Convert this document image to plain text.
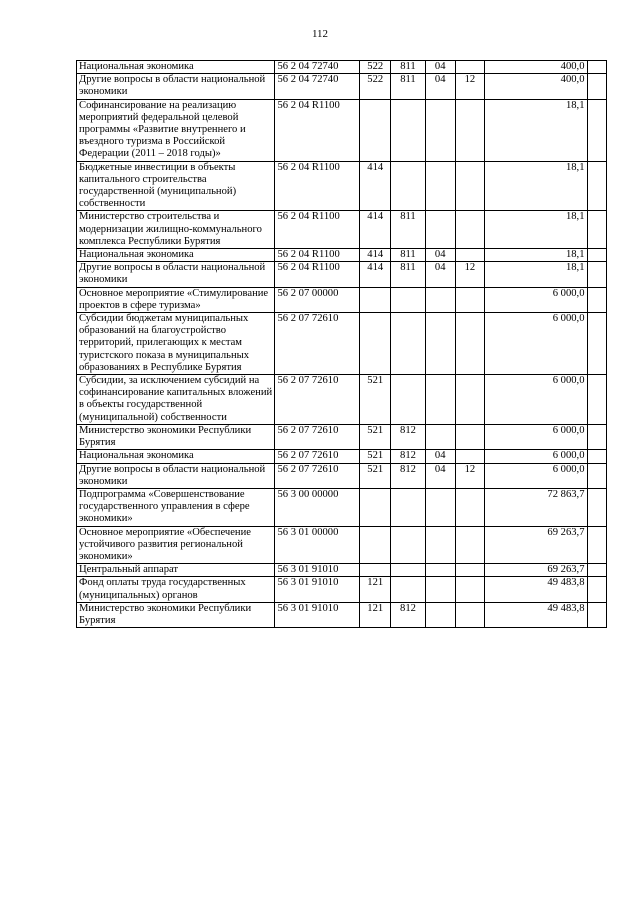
112
Национальная экономика	56 2 04 72740	522	811	04		400,0	
Другие вопросы в области национальной экономики	56 2 04 72740	522	811	04	12	400,0	
Софинансирование на реализацию мероприятий федеральной целевой программы «Развитие внутреннего и въездного туризма в Российской Федерации (2011 – 2018 годы)»	56 2 04 R1100					18,1	
Бюджетные инвестиции в объекты капитального строительства государственной (муниципальной) собственности	56 2 04 R1100	414				18,1	
Министерство строительства и модернизации жилищно-коммунального комплекса Республики Бурятия	56 2 04 R1100	414	811			18,1	
Национальная экономика	56 2 04 R1100	414	811	04		18,1	
Другие вопросы в области национальной экономики	56 2 04 R1100	414	811	04	12	18,1	
Основное мероприятие «Стимулирование проектов в сфере туризма»	56 2 07 00000					6 000,0	
Субсидии бюджетам муниципальных образований на благоустройство территорий, прилегающих к местам туристского показа в муниципальных образованиях в Республике Бурятия	56 2 07 72610					6 000,0	
Субсидии, за исключением субсидий на софинансирование капитальных вложений в объекты государственной (муниципальной) собственности	56 2 07 72610	521				6 000,0	
Министерство экономики Республики Бурятия	56 2 07 72610	521	812			6 000,0	
Национальная экономика	56 2 07 72610	521	812	04		6 000,0	
Другие вопросы в области национальной экономики	56 2 07 72610	521	812	04	12	6 000,0	
Подпрограмма «Совершенствование государственного управления в сфере экономики»	56 3 00 00000					72 863,7	
Основное мероприятие «Обеспечение устойчивого развития региональной экономики»	56 3 01 00000					69 263,7	
Центральный аппарат	56 3 01 91010					69 263,7	
Фонд оплаты труда государственных (муниципальных) органов	56 3 01 91010	121				49 483,8	
Министерство экономики Республики Бурятия	56 3 01 91010	121	812			49 483,8	
